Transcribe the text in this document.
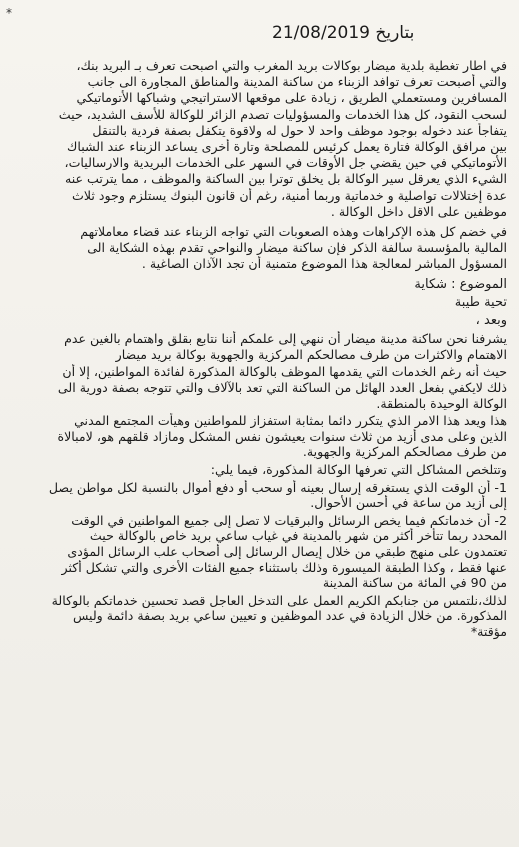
*
بتاريخ 21/08/2019
في اطار تغطية بلدية ميضار بوكالات بريد المغرب والتي اصبحت تعرف بـ البريد بنك،
والتي أصبحت تعرف توافد الزبناء من ساكنة المدينة والمناطق المجاورة الى جانب
المسافرين ومستعملي الطريق ، زيادة على موقعها الاستراتيجي وشباكها الأتوماتيكي
لسحب النقود، كل هذا الخدمات والمسؤوليات تصدم الزائر للوكالة للأسف الشديد، حيث
يتفاجأ عند دخوله بوجود موظف واحد لا حول له ولاقوة يتكفل بصفة فردية بالتنقل
بين مرافق الوكالة فتارة يعمل كرئيس للمصلحة وتارة أخرى يساعد الزبناء عند الشباك
الأتوماتيكي في حين يقضي جل الأوقات في السهر على الخدمات البريدية والارساليات،
الشيء الذي يعرقل سير الوكالة بل يخلق توترا بين الساكنة والموظف ، مما يترتب عنه
عدة إختلالات تواصلية و خدماتية وربما أمنية، رغم أن قانون البنوك يستلزم وجود ثلاث
موظفين على الاقل داخل الوكالة .
في خضم كل هذه الإكراهات وهذه الصعوبات التي تواجه الزبناء عند قضاء معاملاتهم
المالية بالمؤسسة سالفة الذكر فإن ساكنة ميضار والنواحي تقدم بهذه الشكاية الى
المسؤول المباشر لمعالجة هذا الموضوع متمنية أن تجد الآذان الصاغية .
الموضوع : شكاية
تحية طيبة
وبعد ،
يشرفنا نحن ساكنة مدينة ميضار أن ننهي إلى علمكم أننا نتابع بقلق واهتمام بالغين عدم
الاهتمام والاكثرات من طرف مصالحكم المركزية والجهوية بوكالة بريد ميضار
حيث أنه رغم الخدمات التي يقدمها الموظف بالوكالة المذكورة لفائدة المواطنين، إلا أن
ذلك لايكفي بفعل العدد الهائل من الساكنة التي تعد بالآلاف والتي تتوجه بصفة دورية الى
الوكالة الوحيدة بالمنطقة.
هذا ويعد هذا الامر الذي يتكرر دائما بمثابة استفزاز للمواطنين وهيأت المجتمع المدني
الذين وعلى مدى أزيد من ثلاث سنوات يعيشون نفس المشكل ومازاد قلقهم هو، لامبالاة
من طرف مصالحكم المركزية والجهوية.
وتتلخص المشاكل التي تعرفها الوكالة المذكورة، فيما يلي:
1- أن الوقت الذي يستغرقه إرسال بعينه أو سحب أو دفع أموال بالنسبة لكل مواطن يصل
إلى أزيد من ساعة في أحسن الأحوال.
2- أن خدماتكم فيما يخص الرسائل والبرقيات لا تصل إلى جميع المواطنين في الوقت
المحدد ربما تتأخر أكثر من شهر بالمدينة في غياب ساعي بريد خاص بالوكالة حيث
تعتمدون على منهج طبقي من خلال إيصال الرسائل إلى أصحاب علب الرسائل المؤدى
عنها فقط ، وكذا الطبقة الميسورة وذلك باستثناء جميع الفئات الأخرى والتي تشكل أكثر
من 90 في المائة من ساكنة المدينة
لذلك،نلتمس من جنابكم الكريم العمل على التدخل العاجل قصد تحسين خدماتكم بالوكالة
المذكورة. من خلال الزيادة في عدد الموظفين و تعيين ساعي بريد بصفة دائمة وليس
مؤقتة*
